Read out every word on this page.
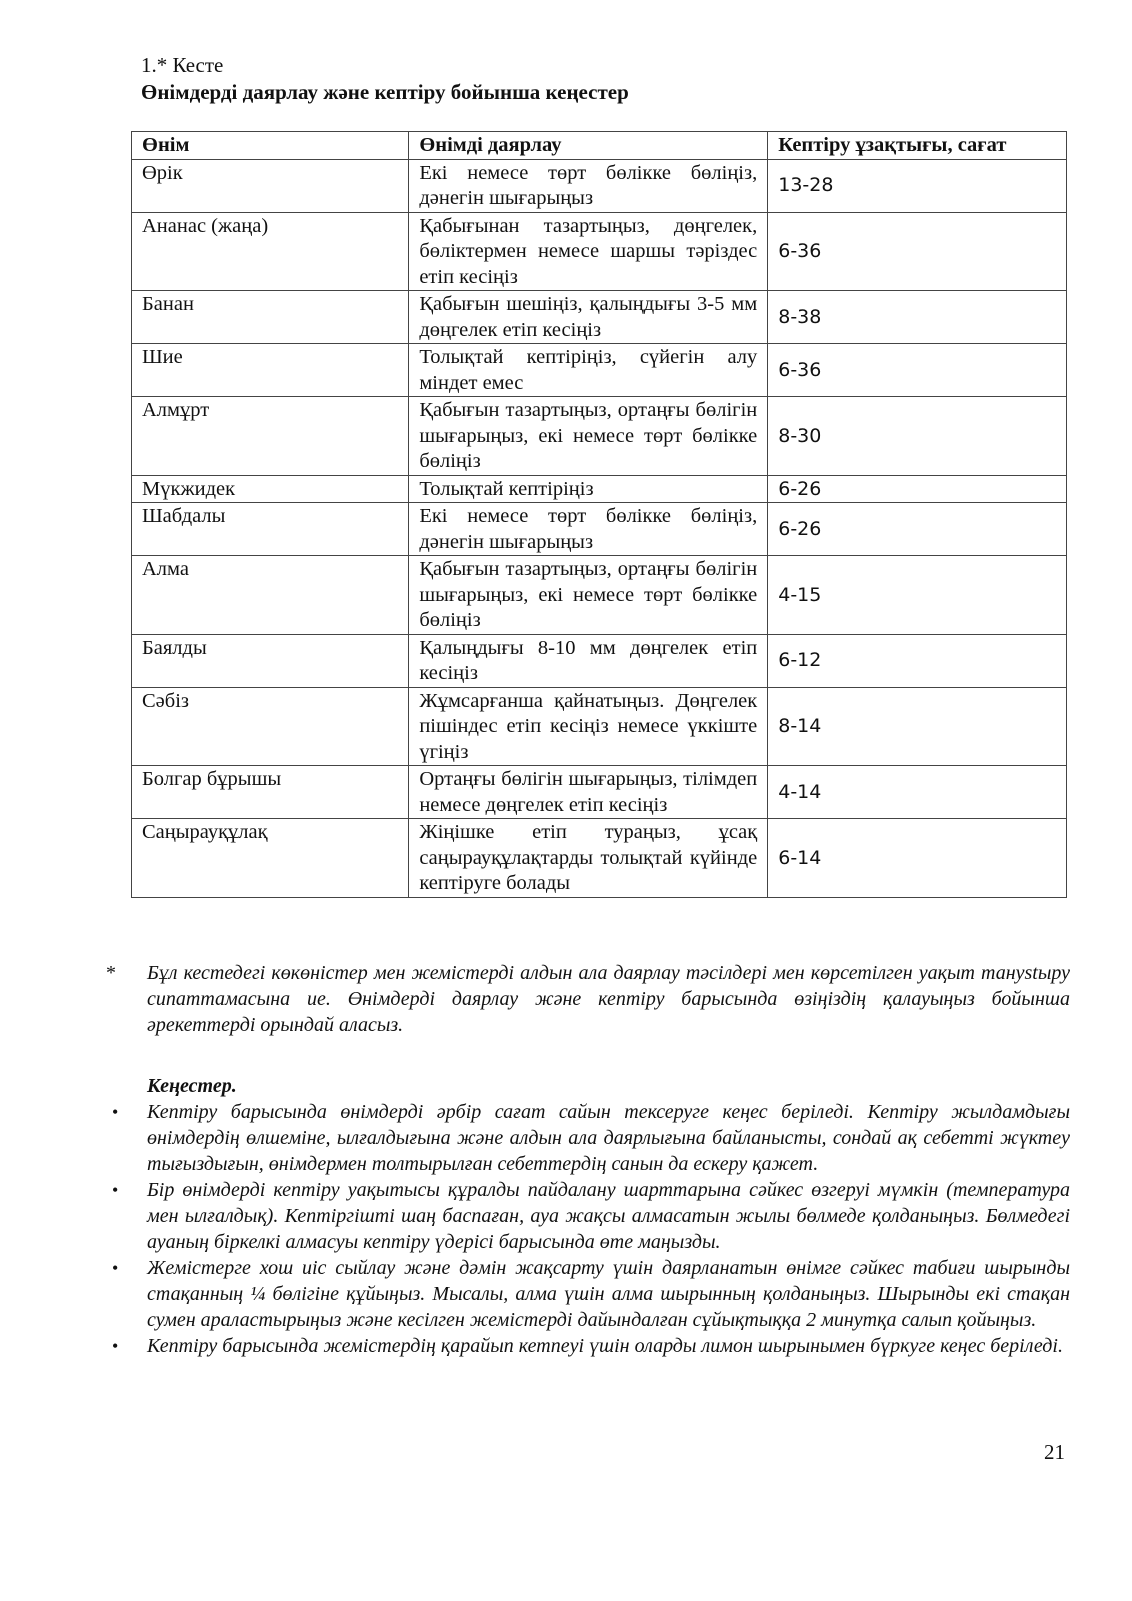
1.* Кесте
Өнімдерді даярлау және кептіру бойынша кеңестер
Өнім	Өнімді даярлау	Кептіру ұзақтығы, сағат
Өрік	Екі немесе төрт бөлікке бөліңіз, дәнегін шығарыңыз	13-28
Ананас (жаңа)	Қабығынан тазартыңыз, дөңгелек, бөліктермен немесе шаршы тәріздес етіп кесіңіз	6-36
Банан	Қабығын шешіңіз, қалыңдығы 3-5 мм дөңгелек етіп кесіңіз	8-38
Шие	Толықтай кептіріңіз, сүйегін алу міндет емес	6-36
Алмұрт	Қабығын тазартыңыз, ортаңғы бөлігін шығарыңыз, екі немесе төрт бөлікке бөліңіз	8-30
Мүкжидек	Толықтай кептіріңіз	6-26
Шабдалы	Екі немесе төрт бөлікке бөліңіз, дәнегін шығарыңыз	6-26
Алма	Қабығын тазартыңыз, ортаңғы бөлігін шығарыңыз, екі немесе төрт бөлікке бөліңіз	4-15
Баялды	Қалыңдығы 8-10 мм дөңгелек етіп кесіңіз	6-12
Сәбіз	Жұмсарғанша қайнатыңыз. Дөңгелек пішіндес етіп кесіңіз немесе үккіште үгіңіз	8-14
Болгар бұрышы	Ортаңғы бөлігін шығарыңыз, тілімдеп немесе дөңгелек етіп кесіңіз	4-14
Саңырауқұлақ	Жіңішке етіп тураңыз, ұсақ саңырауқұлақтарды толықтай күйінде кептіруге болады	6-14
* Бұл кестедегі көкөністер мен жемістерді алдын ала даярлау тәсілдері мен көрсетілген уақыт танystыру сипаттамасына ие. Өнімдерді даярлау және кептіру барысында өзіңіздің қалауыңыз бойынша әрекеттерді орындай аласыз.
Кеңестер.
• Кептіру барысында өнімдерді әрбір сағат сайын тексеруге кеңес беріледі. Кептіру жылдамдығы өнімдердің өлшеміне, ылғалдығына және алдын ала даярлығына байланысты, сондай ақ себетті жүктеу тығыздығын, өнімдермен толтырылған себеттердің санын да ескеру қажет.
• Бір өнімдерді кептіру уақытысы құралды пайдалану шарттарына сәйкес өзгеруі мүмкін (температура мен ылғалдық). Кептіргішті шаң баспаған, ауа жақсы алмасатын жылы бөлмеде қолданыңыз. Бөлмедегі ауаның біркелкі алмасуы кептіру үдерісі барысында өте маңызды.
• Жемістерге хош иіс сыйлау және дәмін жақсарту үшін даярланатын өнімге сәйкес табиғи шырынды стақанның ¼ бөлігіне құйыңыз. Мысалы, алма үшін алма шырынның қолданыңыз. Шырынды екі стақан сумен араластырыңыз және кесілген жемістерді дайындалған сұйықтыққа 2 минутқа салып қойыңыз.
• Кептіру барысында жемістердің қарайып кетпеуі үшін оларды лимон шырынымен бүркуге кеңес беріледі.
21
